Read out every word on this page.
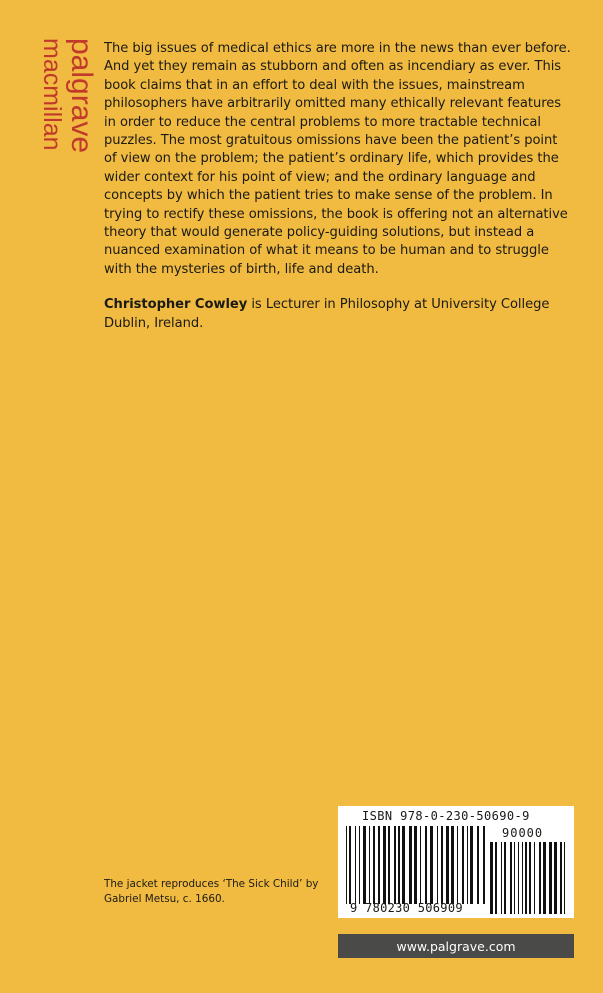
palgrave
macmillan	The big issues of medical ethics are more in the news than ever before. And yet they remain as stubborn and often as incendiary as ever. This book claims that in an effort to deal with the issues, mainstream philosophers have arbitrarily omitted many ethically relevant features in order to reduce the central problems to more tractable technical puzzles. The most gratuitous omissions have been the patient’s point of view on the problem; the patient’s ordinary life, which provides the wider context for his point of view; and the ordinary language and concepts by which the patient tries to make sense of the problem. In trying to rectify these omissions, the book is offering not an alternative theory that would generate policy-guiding solutions, but instead a nuanced examination of what it means to be human and to struggle with the mysteries of birth, life and death.

Christopher Cowley is Lecturer in Philosophy at University College Dublin, Ireland.

The jacket reproduces ‘The Sick Child’ by Gabriel Metsu, c. 1660.
ISBN 978-0-230-50690-9
90000
9 780230 506909
www.palgrave.com
